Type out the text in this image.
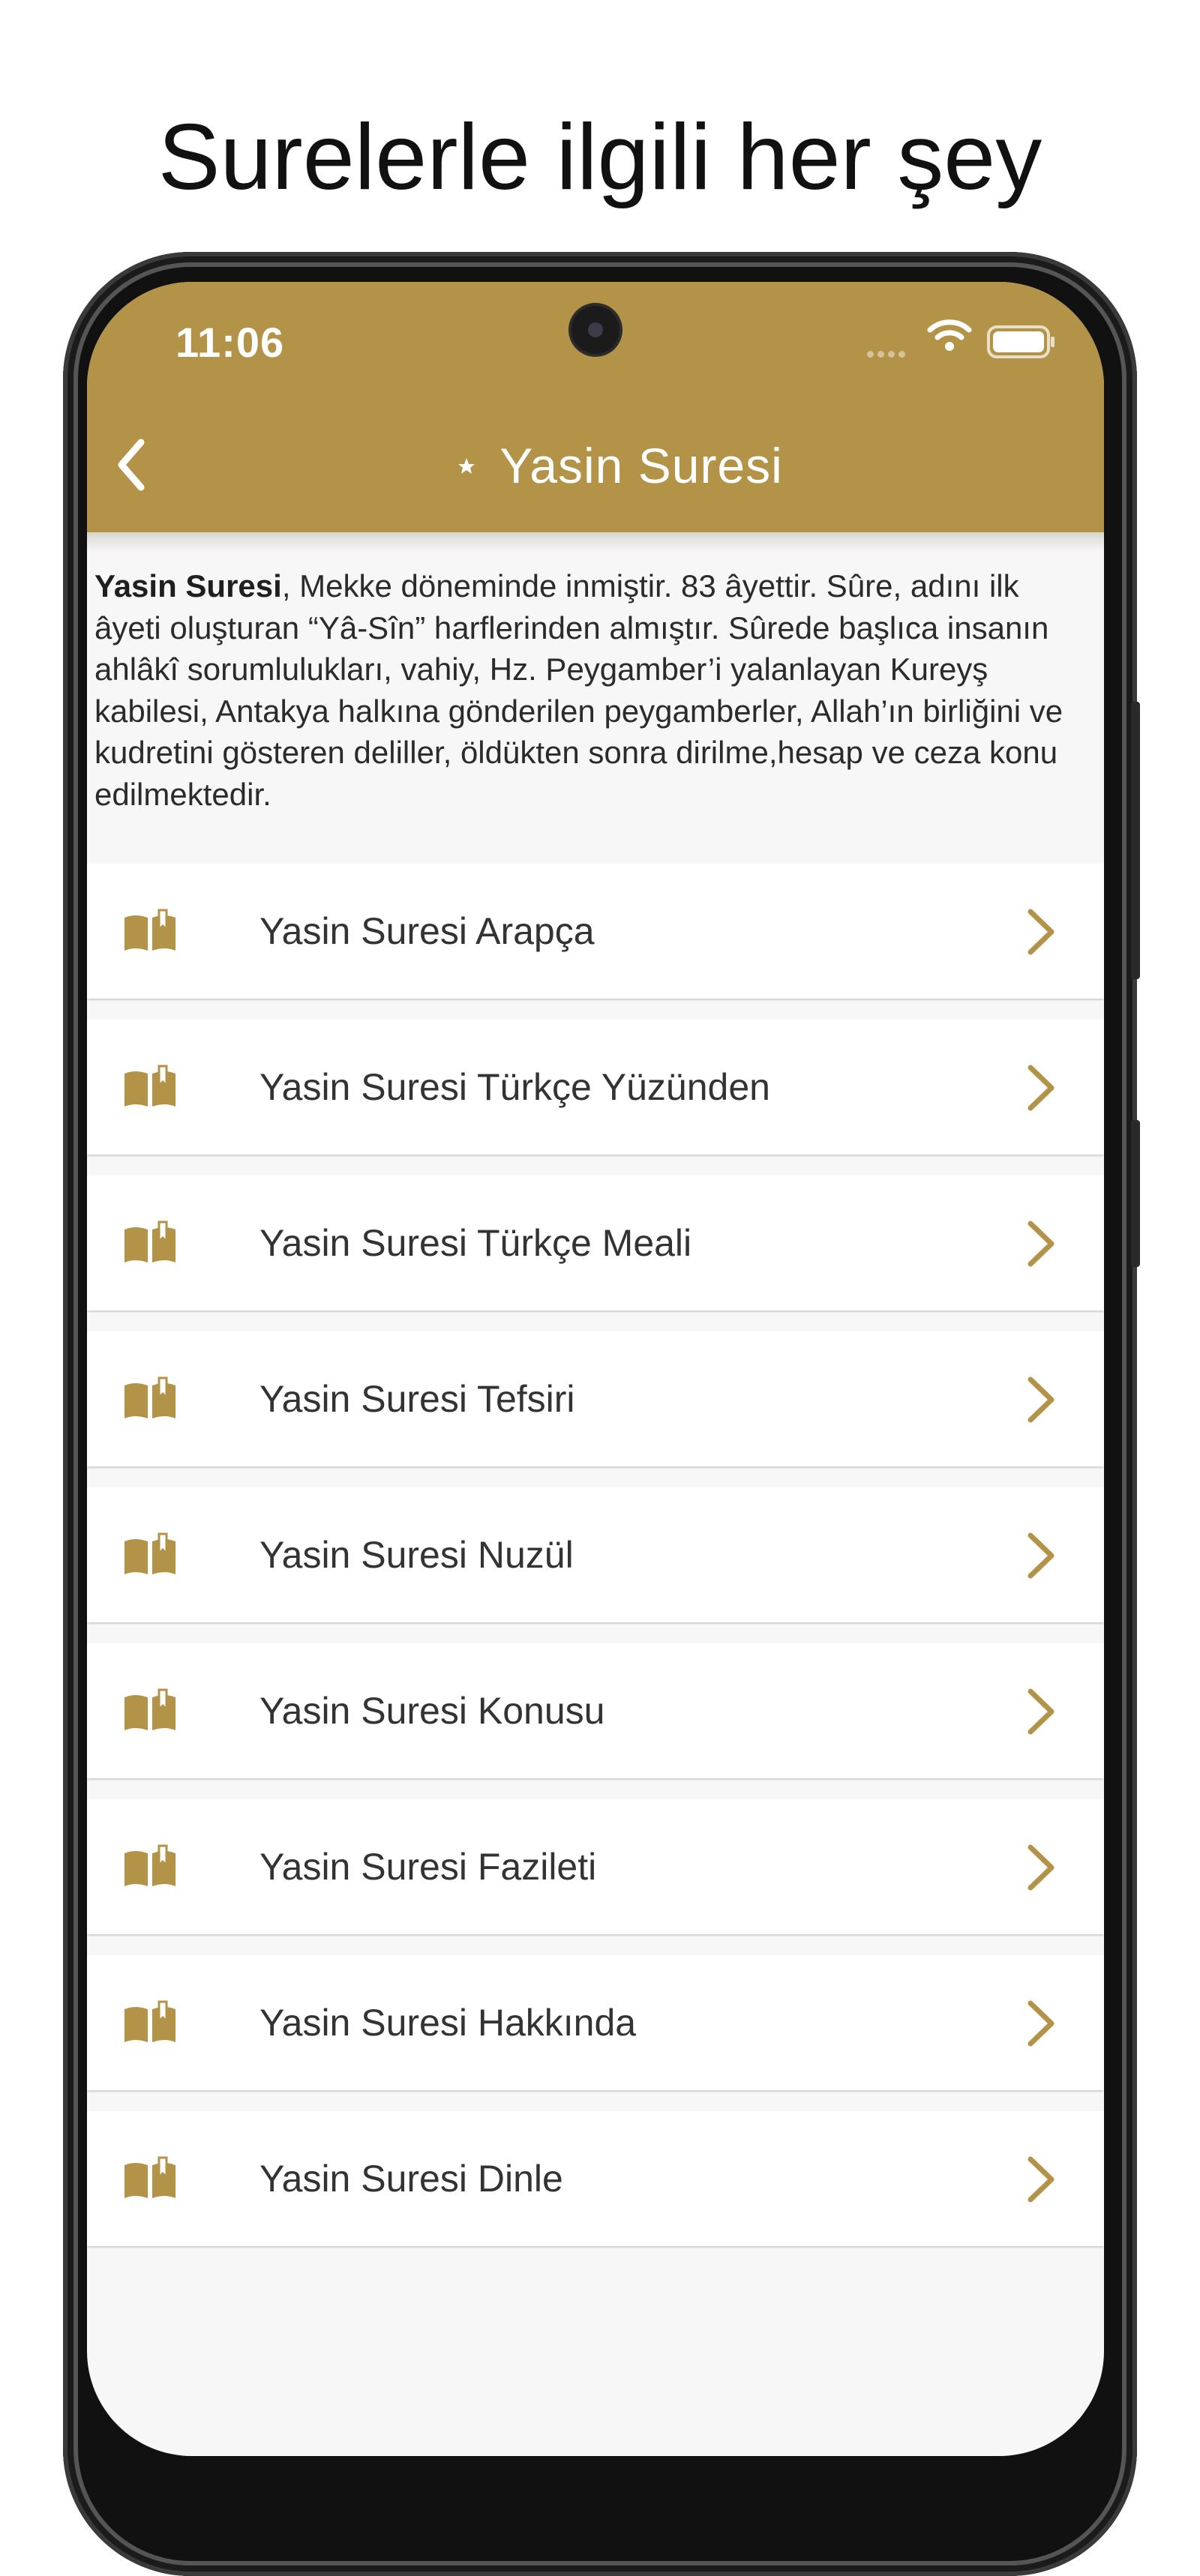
Surelerle ilgili her şey
11:06
Yasin Suresi
Yasin Suresi, Mekke döneminde inmiştir. 83 âyettir. Sûre, adını ilk âyeti oluşturan “Yâ-Sîn” harflerinden almıştır. Sûrede başlıca insanın ahlâkî sorumlulukları, vahiy, Hz. Peygamber’i yalanlayan Kureyş kabilesi, Antakya halkına gönderilen peygamberler, Allah’ın birliğini ve kudretini gösteren deliller, öldükten sonra dirilme,hesap ve ceza konu edilmektedir.
Yasin Suresi Arapça
Yasin Suresi Türkçe Yüzünden
Yasin Suresi Türkçe Meali
Yasin Suresi Tefsiri
Yasin Suresi Nuzül
Yasin Suresi Konusu
Yasin Suresi Fazileti
Yasin Suresi Hakkında
Yasin Suresi Dinle
